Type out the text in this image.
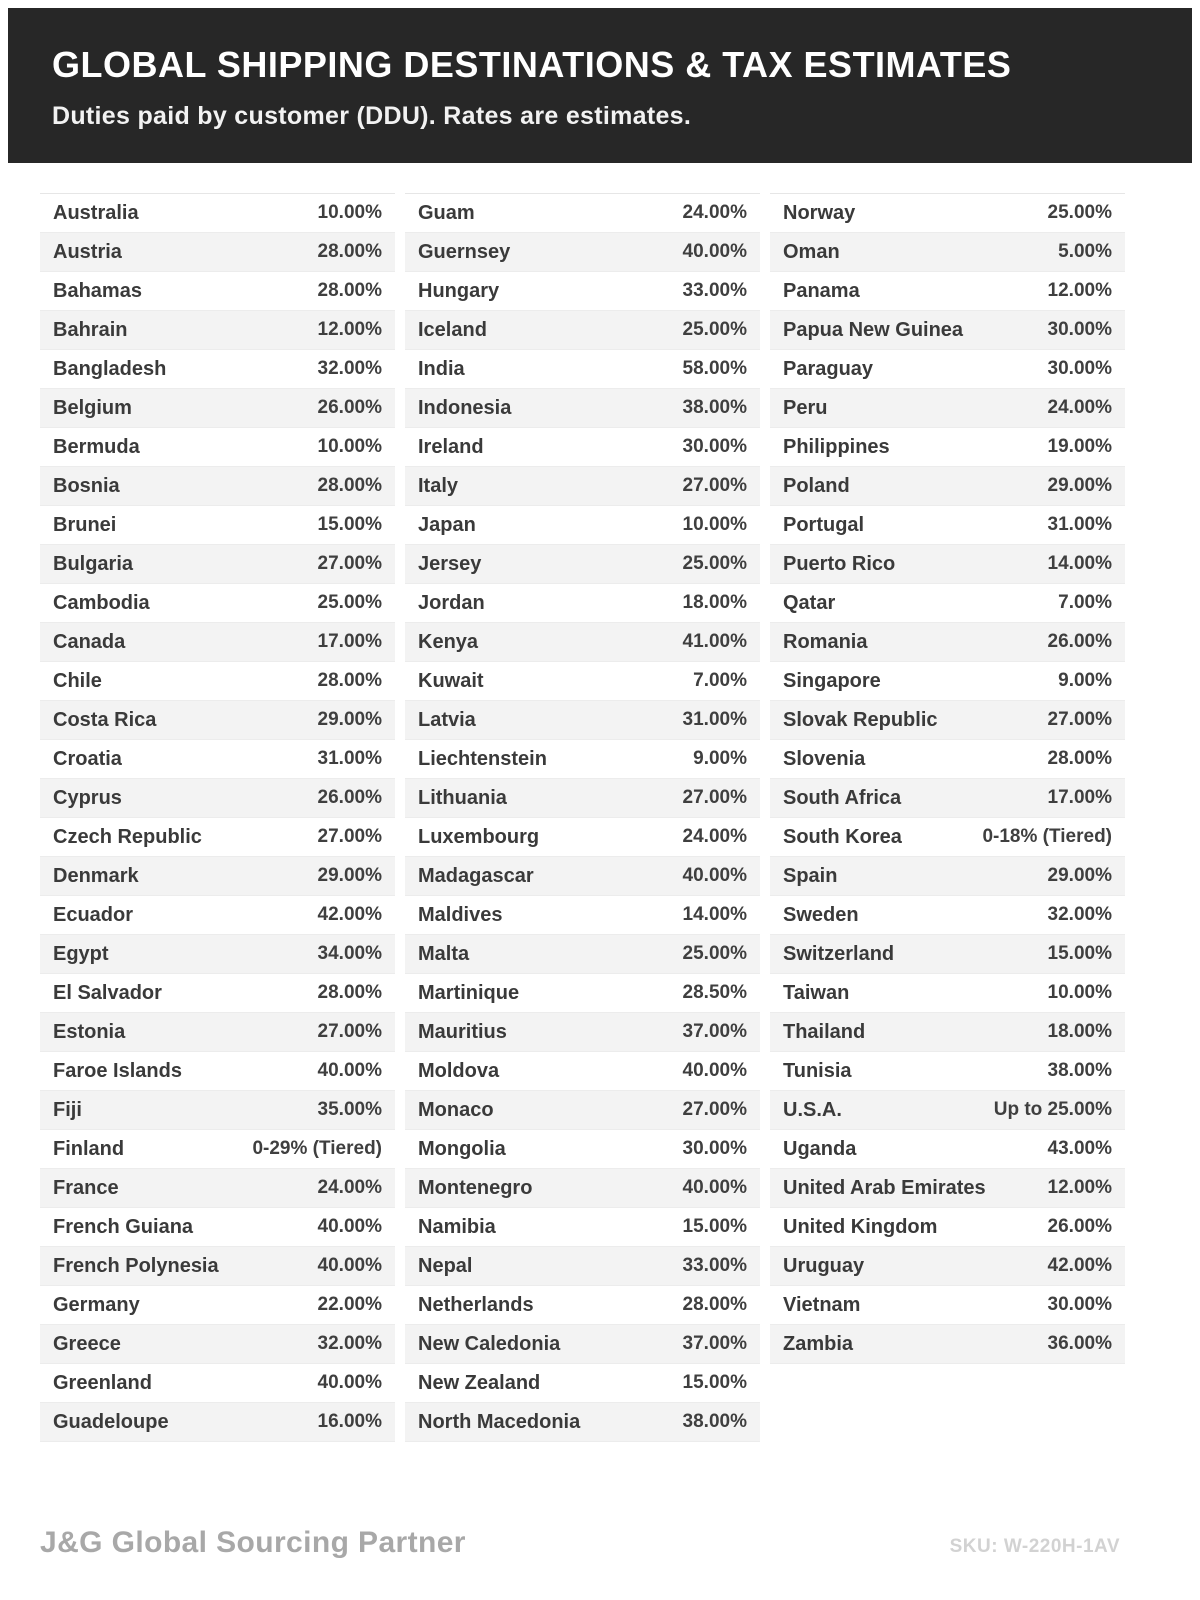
GLOBAL SHIPPING DESTINATIONS & TAX ESTIMATES
Duties paid by customer (DDU). Rates are estimates.
Australia	10.00%
Austria	28.00%
Bahamas	28.00%
Bahrain	12.00%
Bangladesh	32.00%
Belgium	26.00%
Bermuda	10.00%
Bosnia	28.00%
Brunei	15.00%
Bulgaria	27.00%
Cambodia	25.00%
Canada	17.00%
Chile	28.00%
Costa Rica	29.00%
Croatia	31.00%
Cyprus	26.00%
Czech Republic	27.00%
Denmark	29.00%
Ecuador	42.00%
Egypt	34.00%
El Salvador	28.00%
Estonia	27.00%
Faroe Islands	40.00%
Fiji	35.00%
Finland	0-29% (Tiered)
France	24.00%
French Guiana	40.00%
French Polynesia	40.00%
Germany	22.00%
Greece	32.00%
Greenland	40.00%
Guadeloupe	16.00%
Guam	24.00%
Guernsey	40.00%
Hungary	33.00%
Iceland	25.00%
India	58.00%
Indonesia	38.00%
Ireland	30.00%
Italy	27.00%
Japan	10.00%
Jersey	25.00%
Jordan	18.00%
Kenya	41.00%
Kuwait	7.00%
Latvia	31.00%
Liechtenstein	9.00%
Lithuania	27.00%
Luxembourg	24.00%
Madagascar	40.00%
Maldives	14.00%
Malta	25.00%
Martinique	28.50%
Mauritius	37.00%
Moldova	40.00%
Monaco	27.00%
Mongolia	30.00%
Montenegro	40.00%
Namibia	15.00%
Nepal	33.00%
Netherlands	28.00%
New Caledonia	37.00%
New Zealand	15.00%
North Macedonia	38.00%
Norway	25.00%
Oman	5.00%
Panama	12.00%
Papua New Guinea	30.00%
Paraguay	30.00%
Peru	24.00%
Philippines	19.00%
Poland	29.00%
Portugal	31.00%
Puerto Rico	14.00%
Qatar	7.00%
Romania	26.00%
Singapore	9.00%
Slovak Republic	27.00%
Slovenia	28.00%
South Africa	17.00%
South Korea	0-18% (Tiered)
Spain	29.00%
Sweden	32.00%
Switzerland	15.00%
Taiwan	10.00%
Thailand	18.00%
Tunisia	38.00%
U.S.A.	Up to 25.00%
Uganda	43.00%
United Arab Emirates	12.00%
United Kingdom	26.00%
Uruguay	42.00%
Vietnam	30.00%
Zambia	36.00%
J&G Global Sourcing Partner	SKU: W-220H-1AV
